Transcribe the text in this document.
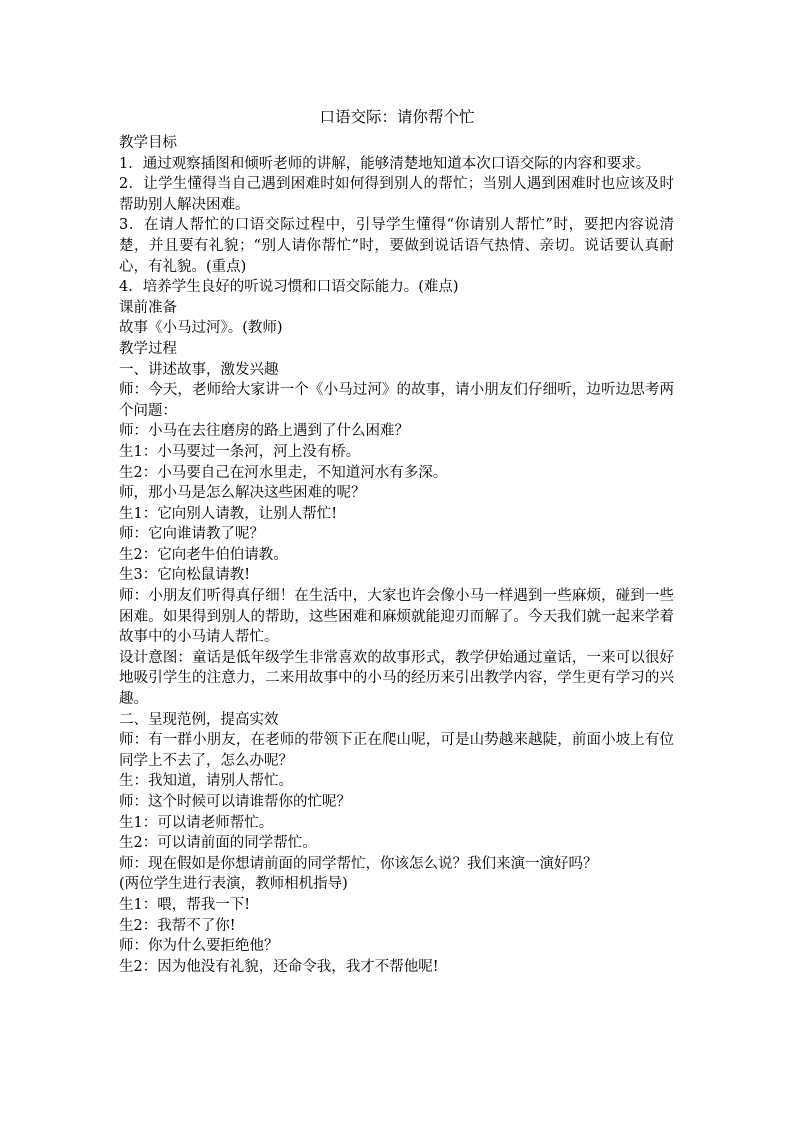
口语交际：请你帮个忙

教学目标

1．通过观察插图和倾听老师的讲解，能够清楚地知道本次口语交际的内容和要求。

2．让学生懂得当自己遇到困难时如何得到别人的帮忙；当别人遇到困难时也应该及时帮助别人解决困难。

3．在请人帮忙的口语交际过程中，引导学生懂得“你请别人帮忙”时，要把内容说清楚，并且要有礼貌；“别人请你帮忙”时，要做到说话语气热情、亲切。说话要认真耐心，有礼貌。(重点)

4．培养学生良好的听说习惯和口语交际能力。(难点)

课前准备

故事《小马过河》。(教师)

教学过程

一、讲述故事，激发兴趣

师：今天，老师给大家讲一个《小马过河》的故事，请小朋友们仔细听，边听边思考两个问题：

师：小马在去往磨房的路上遇到了什么困难？

生1：小马要过一条河，河上没有桥。

生2：小马要自己在河水里走，不知道河水有多深。

师，那小马是怎么解决这些困难的呢？

生1：它向别人请教，让别人帮忙!

师：它向谁请教了呢？

生2：它向老牛伯伯请教。

生3：它向松鼠请教!

师：小朋友们听得真仔细！在生活中，大家也许会像小马一样遇到一些麻烦，碰到一些困难。如果得到别人的帮助，这些困难和麻烦就能迎刃而解了。今天我们就一起来学着故事中的小马请人帮忙。

设计意图：童话是低年级学生非常喜欢的故事形式，教学伊始通过童话，一来可以很好地吸引学生的注意力，二来用故事中的小马的经历来引出教学内容，学生更有学习的兴趣。

二、呈现范例，提高实效

师：有一群小朋友，在老师的带领下正在爬山呢，可是山势越来越陡，前面小坡上有位同学上不去了，怎么办呢？

生：我知道，请别人帮忙。

师：这个时候可以请谁帮你的忙呢？

生1：可以请老师帮忙。

生2：可以请前面的同学帮忙。

师：现在假如是你想请前面的同学帮忙，你该怎么说？我们来演一演好吗？

(两位学生进行表演，教师相机指导)

生1：喂，帮我一下!

生2：我帮不了你!

师：你为什么要拒绝他？

生2：因为他没有礼貌，还命令我，我才不帮他呢!
